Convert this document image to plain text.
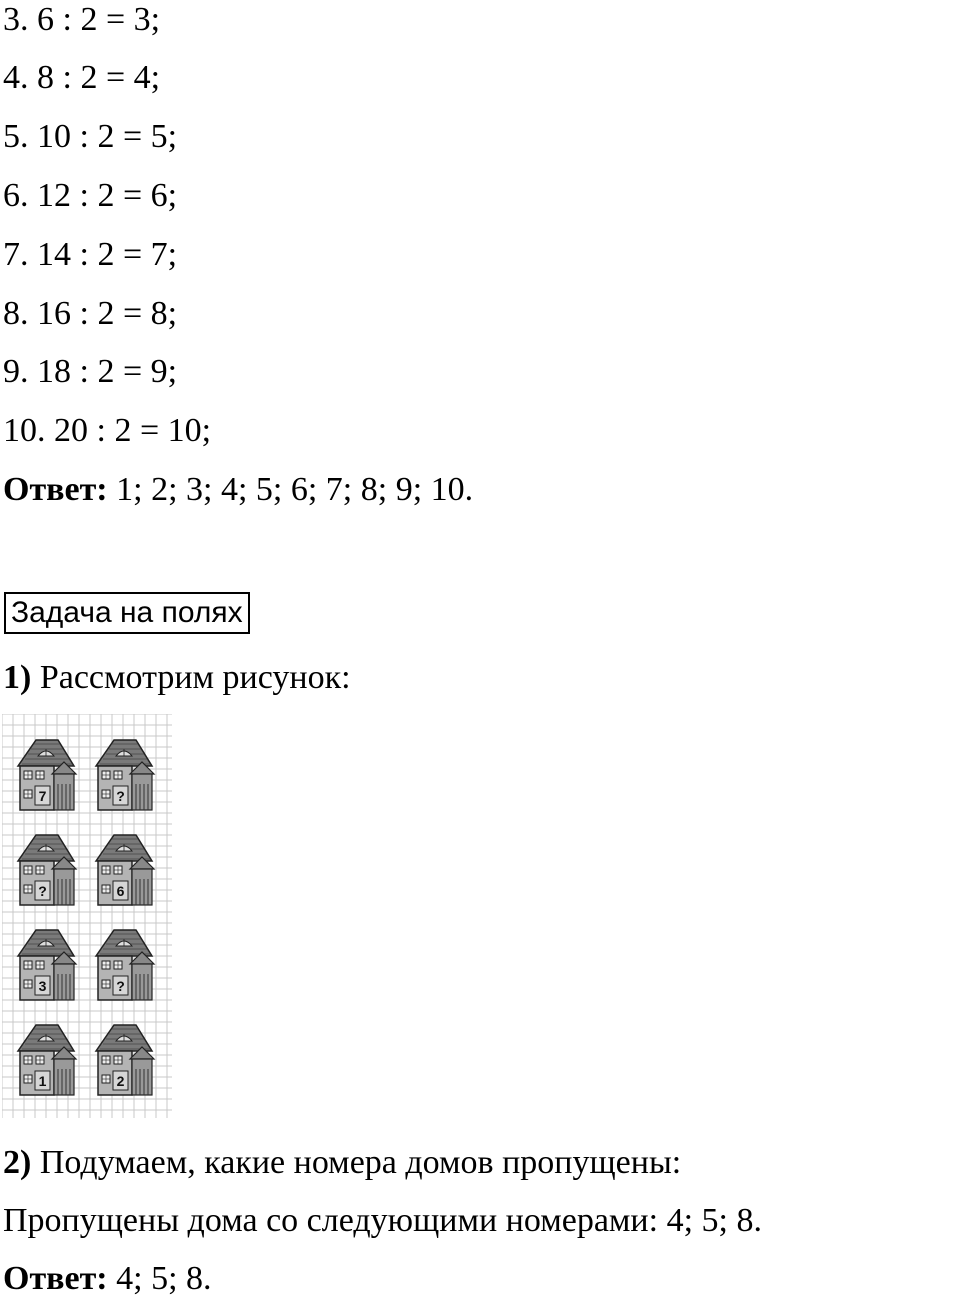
3. 6 : 2 = 3;
4. 8 : 2 = 4;
5. 10 : 2 = 5;
6. 12 : 2 = 6;
7. 14 : 2 = 7;
8. 16 : 2 = 8;
9. 18 : 2 = 9;
10. 20 : 2 = 10;
Ответ: 1; 2; 3; 4; 5; 6; 7; 8; 9; 10.
Задача на полях
1) Рассмотрим рисунок:
7	?
?	6
3	?
1	2
2) Подумаем, какие номера домов пропущены:
Пропущены дома со следующими номерами: 4; 5; 8.
Ответ: 4; 5; 8.
